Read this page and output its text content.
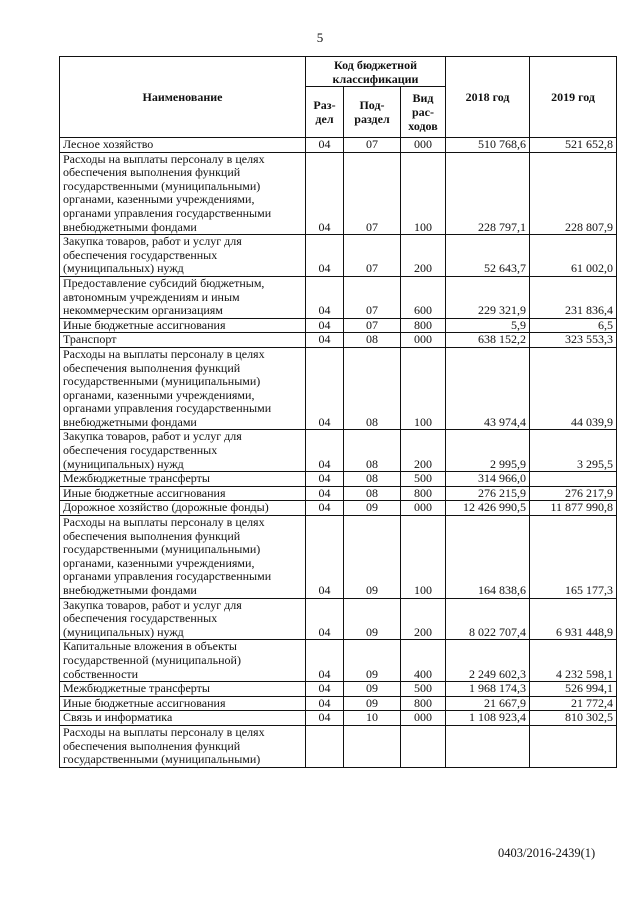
5
Наименование	Код бюджетной классификации			2018 год	2019 год
	Раз-дел	Под-раздел	Вид рас-ходов		
Лесное хозяйство	04	07	000	510 768,6	521 652,8
Расходы на выплаты персоналу в целях обеспечения выполнения функций государственными (муниципальными) органами, казенными учреждениями, органами управления государственными внебюджетными фондами	04	07	100	228 797,1	228 807,9
Закупка товаров, работ и услуг для обеспечения государственных (муниципальных) нужд	04	07	200	52 643,7	61 002,0
Предоставление субсидий бюджетным, автономным учреждениям и иным некоммерческим организациям	04	07	600	229 321,9	231 836,4
Иные бюджетные ассигнования	04	07	800	5,9	6,5
Транспорт	04	08	000	638 152,2	323 553,3
Расходы на выплаты персоналу в целях обеспечения выполнения функций государственными (муниципальными) органами, казенными учреждениями, органами управления государственными внебюджетными фондами	04	08	100	43 974,4	44 039,9
Закупка товаров, работ и услуг для обеспечения государственных (муниципальных) нужд	04	08	200	2 995,9	3 295,5
Межбюджетные трансферты	04	08	500	314 966,0	
Иные бюджетные ассигнования	04	08	800	276 215,9	276 217,9
Дорожное хозяйство (дорожные фонды)	04	09	000	12 426 990,5	11 877 990,8
Расходы на выплаты персоналу в целях обеспечения выполнения функций государственными (муниципальными) органами, казенными учреждениями, органами управления государственными внебюджетными фондами	04	09	100	164 838,6	165 177,3
Закупка товаров, работ и услуг для обеспечения государственных (муниципальных) нужд	04	09	200	8 022 707,4	6 931 448,9
Капитальные вложения в объекты государственной (муниципальной) собственности	04	09	400	2 249 602,3	4 232 598,1
Межбюджетные трансферты	04	09	500	1 968 174,3	526 994,1
Иные бюджетные ассигнования	04	09	800	21 667,9	21 772,4
Связь и информатика	04	10	000	1 108 923,4	810 302,5
Расходы на выплаты персоналу в целях обеспечения выполнения функций государственными (муниципальными)					
0403/2016-2439(1)
